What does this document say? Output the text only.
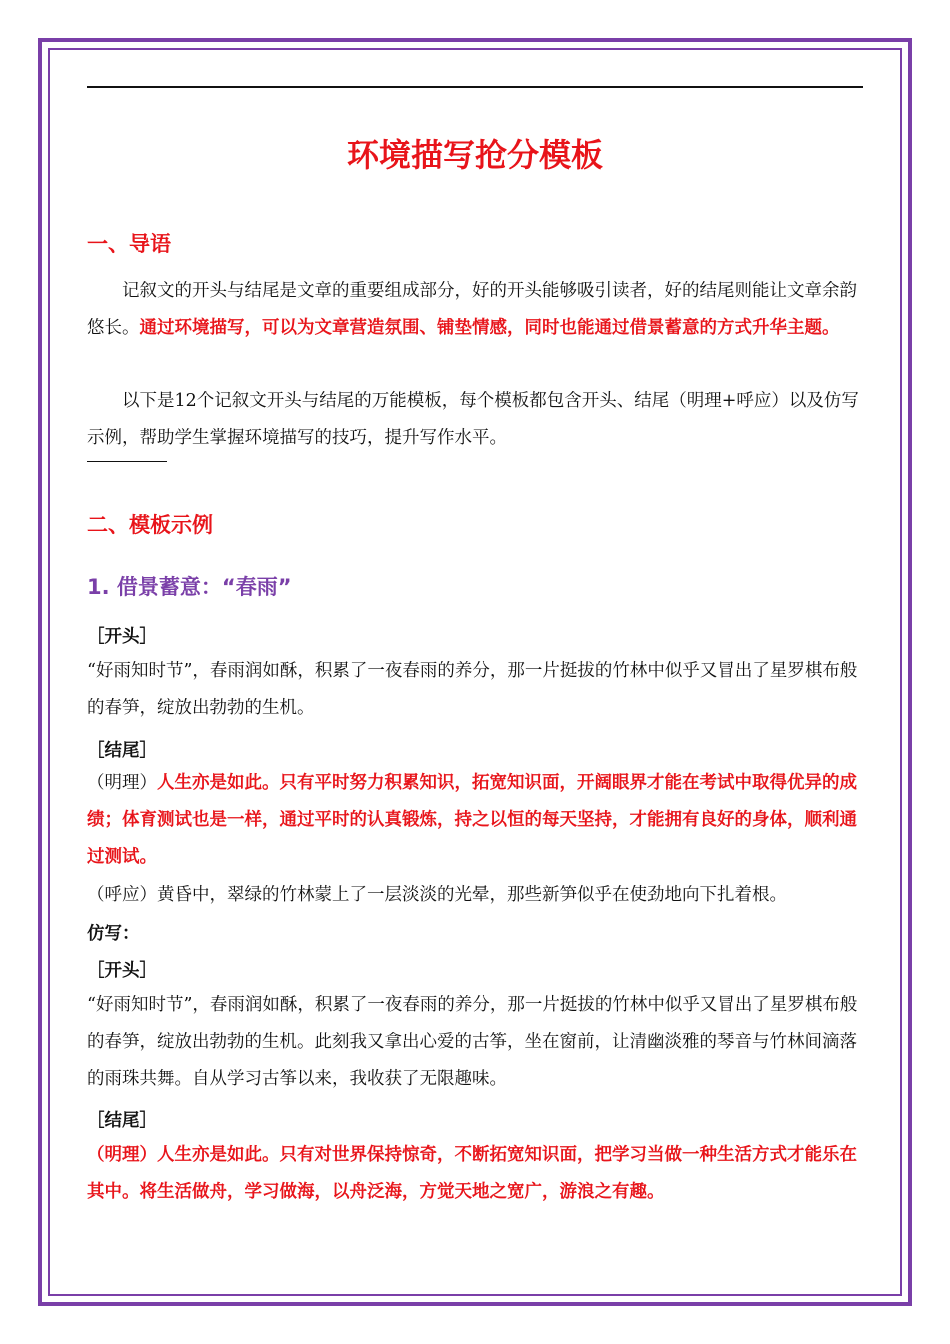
环境描写抢分模板
一、导语

记叙文的开头与结尾是文章的重要组成部分，好的开头能够吸引读者，好的结尾则能让文章余韵悠长。通过环境描写，可以为文章营造氛围、铺垫情感，同时也能通过借景蓄意的方式升华主题。

以下是12个记叙文开头与结尾的万能模板，每个模板都包含开头、结尾（明理+呼应）以及仿写示例，帮助学生掌握环境描写的技巧，提升写作水平。

二、模板示例
1. 借景蓄意：“春雨”

［开头］

“好雨知时节”，春雨润如酥，积累了一夜春雨的养分，那一片挺拔的竹林中似乎又冒出了星罗棋布般的春笋，绽放出勃勃的生机。

［结尾］

（明理）人生亦是如此。只有平时努力积累知识，拓宽知识面，开阔眼界才能在考试中取得优异的成绩；体育测试也是一样，通过平时的认真锻炼，持之以恒的每天坚持，才能拥有良好的身体，顺利通过测试。

（呼应）黄昏中，翠绿的竹林蒙上了一层淡淡的光晕，那些新笋似乎在使劲地向下扎着根。

仿写：

［开头］

“好雨知时节”，春雨润如酥，积累了一夜春雨的养分，那一片挺拔的竹林中似乎又冒出了星罗棋布般的春笋，绽放出勃勃的生机。此刻我又拿出心爱的古筝，坐在窗前，让清幽淡雅的琴音与竹林间滴落的雨珠共舞。自从学习古筝以来，我收获了无限趣味。

［结尾］

（明理）人生亦是如此。只有对世界保持惊奇，不断拓宽知识面，把学习当做一种生活方式才能乐在其中。将生活做舟，学习做海，以舟泛海，方觉天地之宽广，游浪之有趣。
